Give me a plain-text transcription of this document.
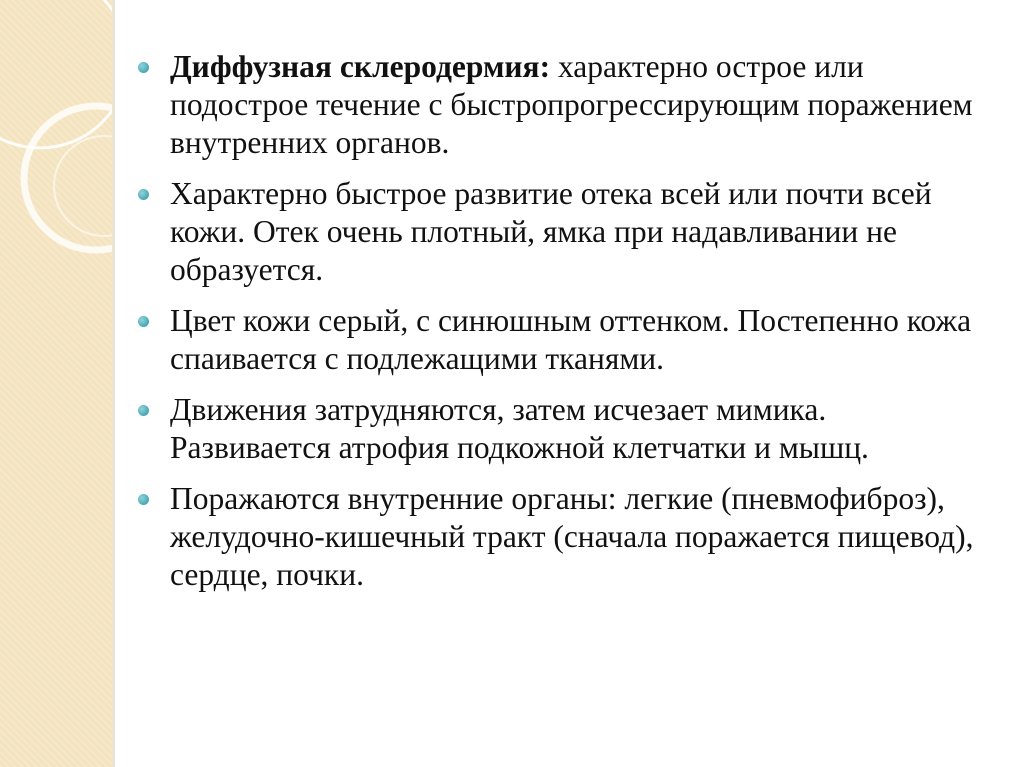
Диффузная склеродермия: характерно острое или подострое течение с быстропрогрессирующим поражением внутренних органов.
Характерно быстрое развитие отека всей или почти всей кожи. Отек очень плотный, ямка при надавливании не образуется.
Цвет кожи серый, с синюшным оттенком. Постепенно кожа спаивается с подлежащими тканями.
Движения затрудняются, затем исчезает мимика. Развивается атрофия подкожной клетчатки и мышц.
Поражаются внутренние органы: легкие (пневмофиброз), желудочно-кишечный тракт (сначала поражается пищевод), сердце, почки.
